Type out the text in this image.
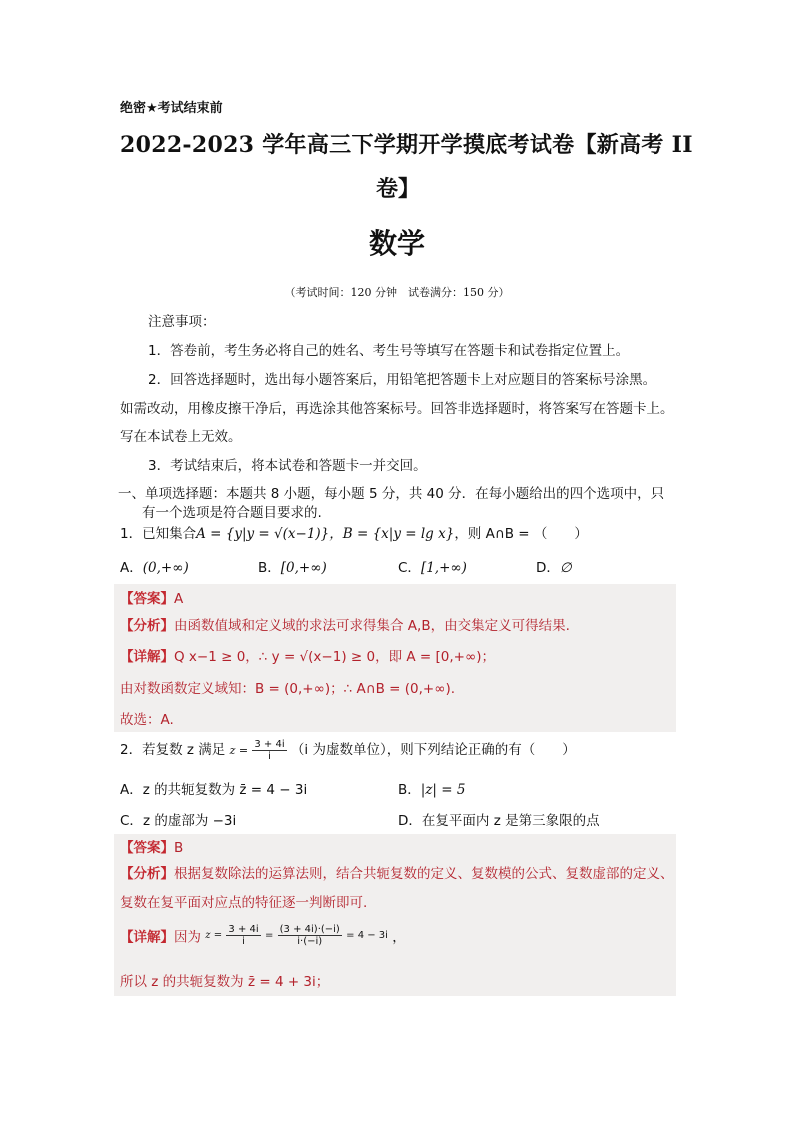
绝密★考试结束前
2022-2023 学年高三下学期开学摸底考试卷【新高考 II
卷】
数学
（考试时间：120 分钟　试卷满分：150 分）
注意事项：
1．答卷前，考生务必将自己的姓名、考生号等填写在答题卡和试卷指定位置上。
2．回答选择题时，选出每小题答案后，用铅笔把答题卡上对应题目的答案标号涂黑。
如需改动，用橡皮擦干净后，再选涂其他答案标号。回答非选择题时，将答案写在答题卡上。
写在本试卷上无效。
3．考试结束后，将本试卷和答题卡一并交回。
一、单项选择题：本题共 8 小题，每小题 5 分，共 40 分．在每小题给出的四个选项中，只
有一个选项是符合题目要求的.
1．已知集合A = {y|y = √(x−1)}，B = {x|y = lg x}，则 A∩B = （　　）
A．(0,+∞)	B．[0,+∞)	C．[1,+∞)	D．∅
【答案】A
【分析】由函数值域和定义域的求法可求得集合 A,B，由交集定义可得结果.
【详解】Q x−1 ≥ 0，∴ y = √(x−1) ≥ 0，即 A = [0,+∞)；
由对数函数定义域知：B = (0,+∞)；∴ A∩B = (0,+∞).
故选：A.
2．若复数 z 满足 $z = \frac{3 + 4i}{i} (i$ 为虚数单位），则下列结论正确的有（　　）
A．z 的共轭复数为 z̄ = 4 − 3i	B．|z| = 5
C．z 的虚部为 −3i	D．在复平面内 z 是第三象限的点
【答案】B
【分析】根据复数除法的运算法则，结合共轭复数的定义、复数模的公式、复数虚部的定义、
复数在复平面对应点的特征逐一判断即可.
【详解】因为 $z = \frac{3 + 4i}{i} = \frac{(3 + 4i)\cdot(-i)}{i\cdot(-i)} = 4 - 3i$ ，
所以 z 的共轭复数为 z̄ = 4 + 3i；
